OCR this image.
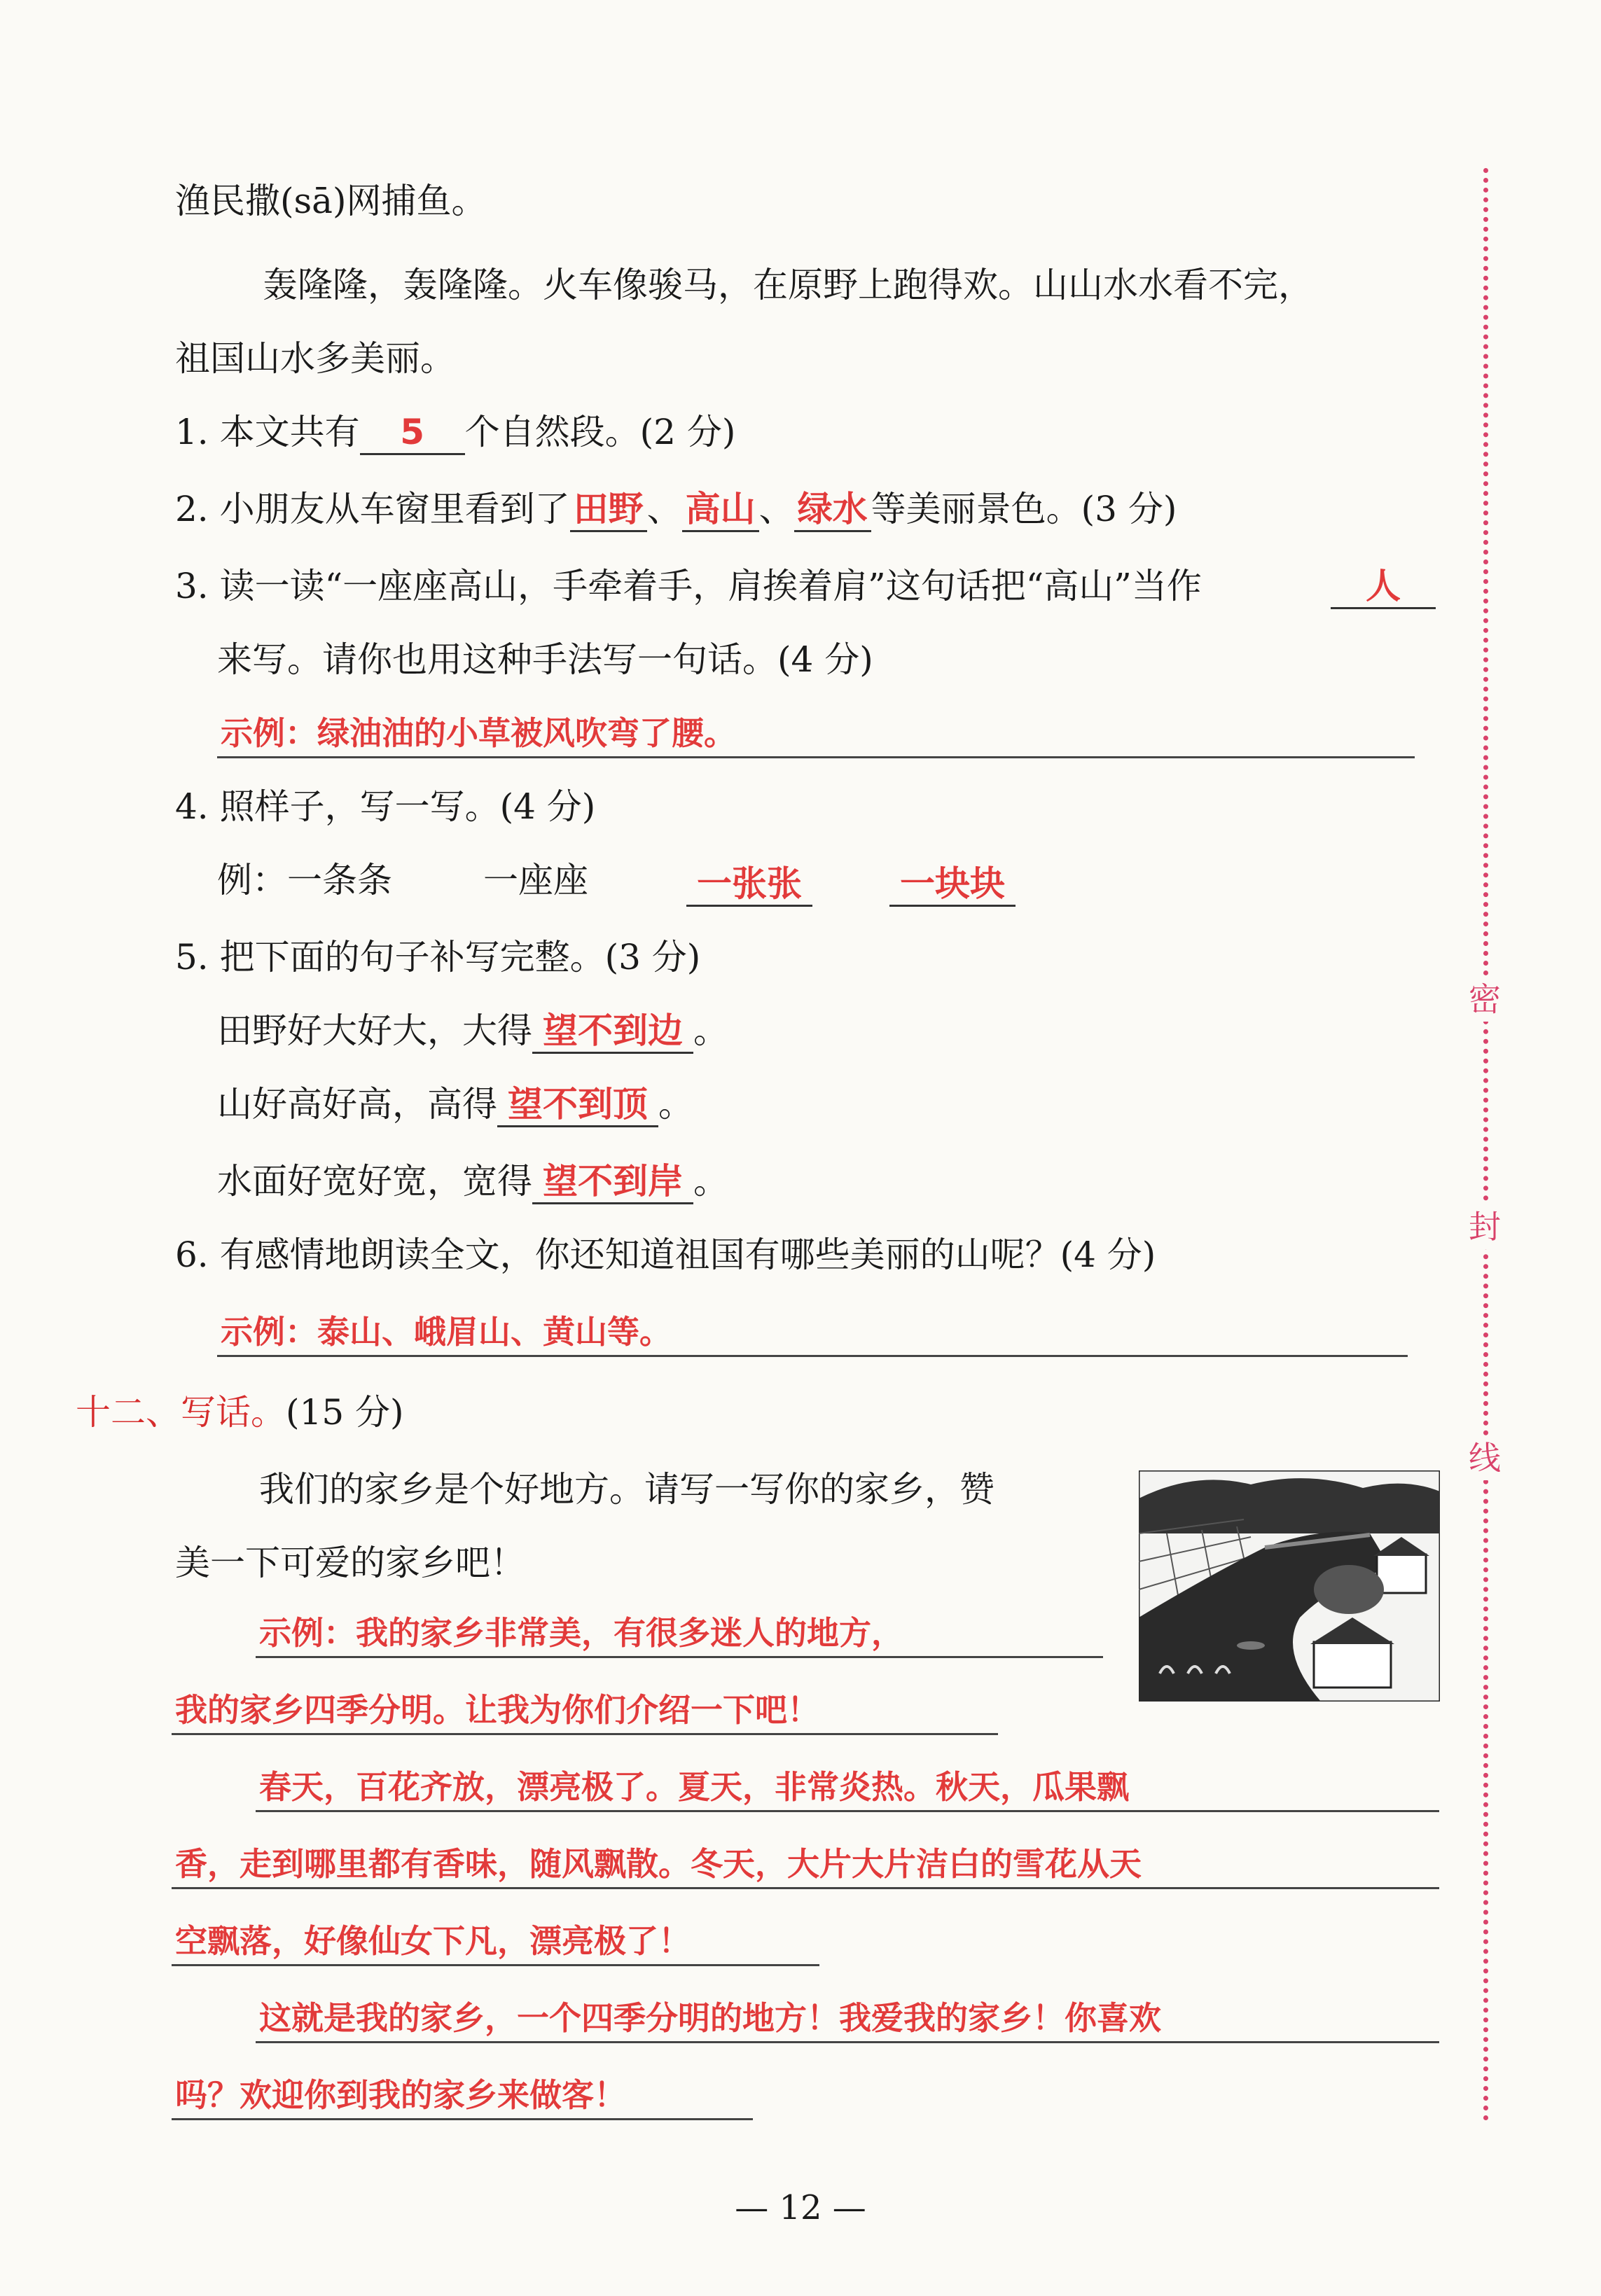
渔民撒(sā)网捕鱼。
轰隆隆，轰隆隆。火车像骏马，在原野上跑得欢。山山水水看不完，
祖国山水多美丽。
1. 本文共有 5 个自然段。(2 分)
2. 小朋友从车窗里看到了 田野 、 高山 、 绿水 等美丽景色。(3 分)
3. 读一读“一座座高山，手牵着手，肩挨着肩”这句话把“高山”当作	人
来写。请你也用这种手法写一句话。(4 分)
示例：绿油油的小草被风吹弯了腰。
4. 照样子，写一写。(4 分)
例：一条条	一座座	一张张	一块块
5. 把下面的句子补写完整。(3 分)
田野好大好大，大得 望不到边 。
山好高好高，高得 望不到顶 。
水面好宽好宽，宽得 望不到岸 。
6. 有感情地朗读全文，你还知道祖国有哪些美丽的山呢？(4 分)
示例：泰山、峨眉山、黄山等。
十二、写话。(15 分)
我们的家乡是个好地方。请写一写你的家乡，赞
美一下可爱的家乡吧！
示例：我的家乡非常美，有很多迷人的地方，
我的家乡四季分明。让我为你们介绍一下吧！
春天，百花齐放，漂亮极了。夏天，非常炎热。秋天，瓜果飘
香，走到哪里都有香味，随风飘散。冬天，大片大片洁白的雪花从天
空飘落，好像仙女下凡，漂亮极了！
这就是我的家乡，一个四季分明的地方！我爱我的家乡！你喜欢
吗？欢迎你到我的家乡来做客！
密
封
线
— 12 —
